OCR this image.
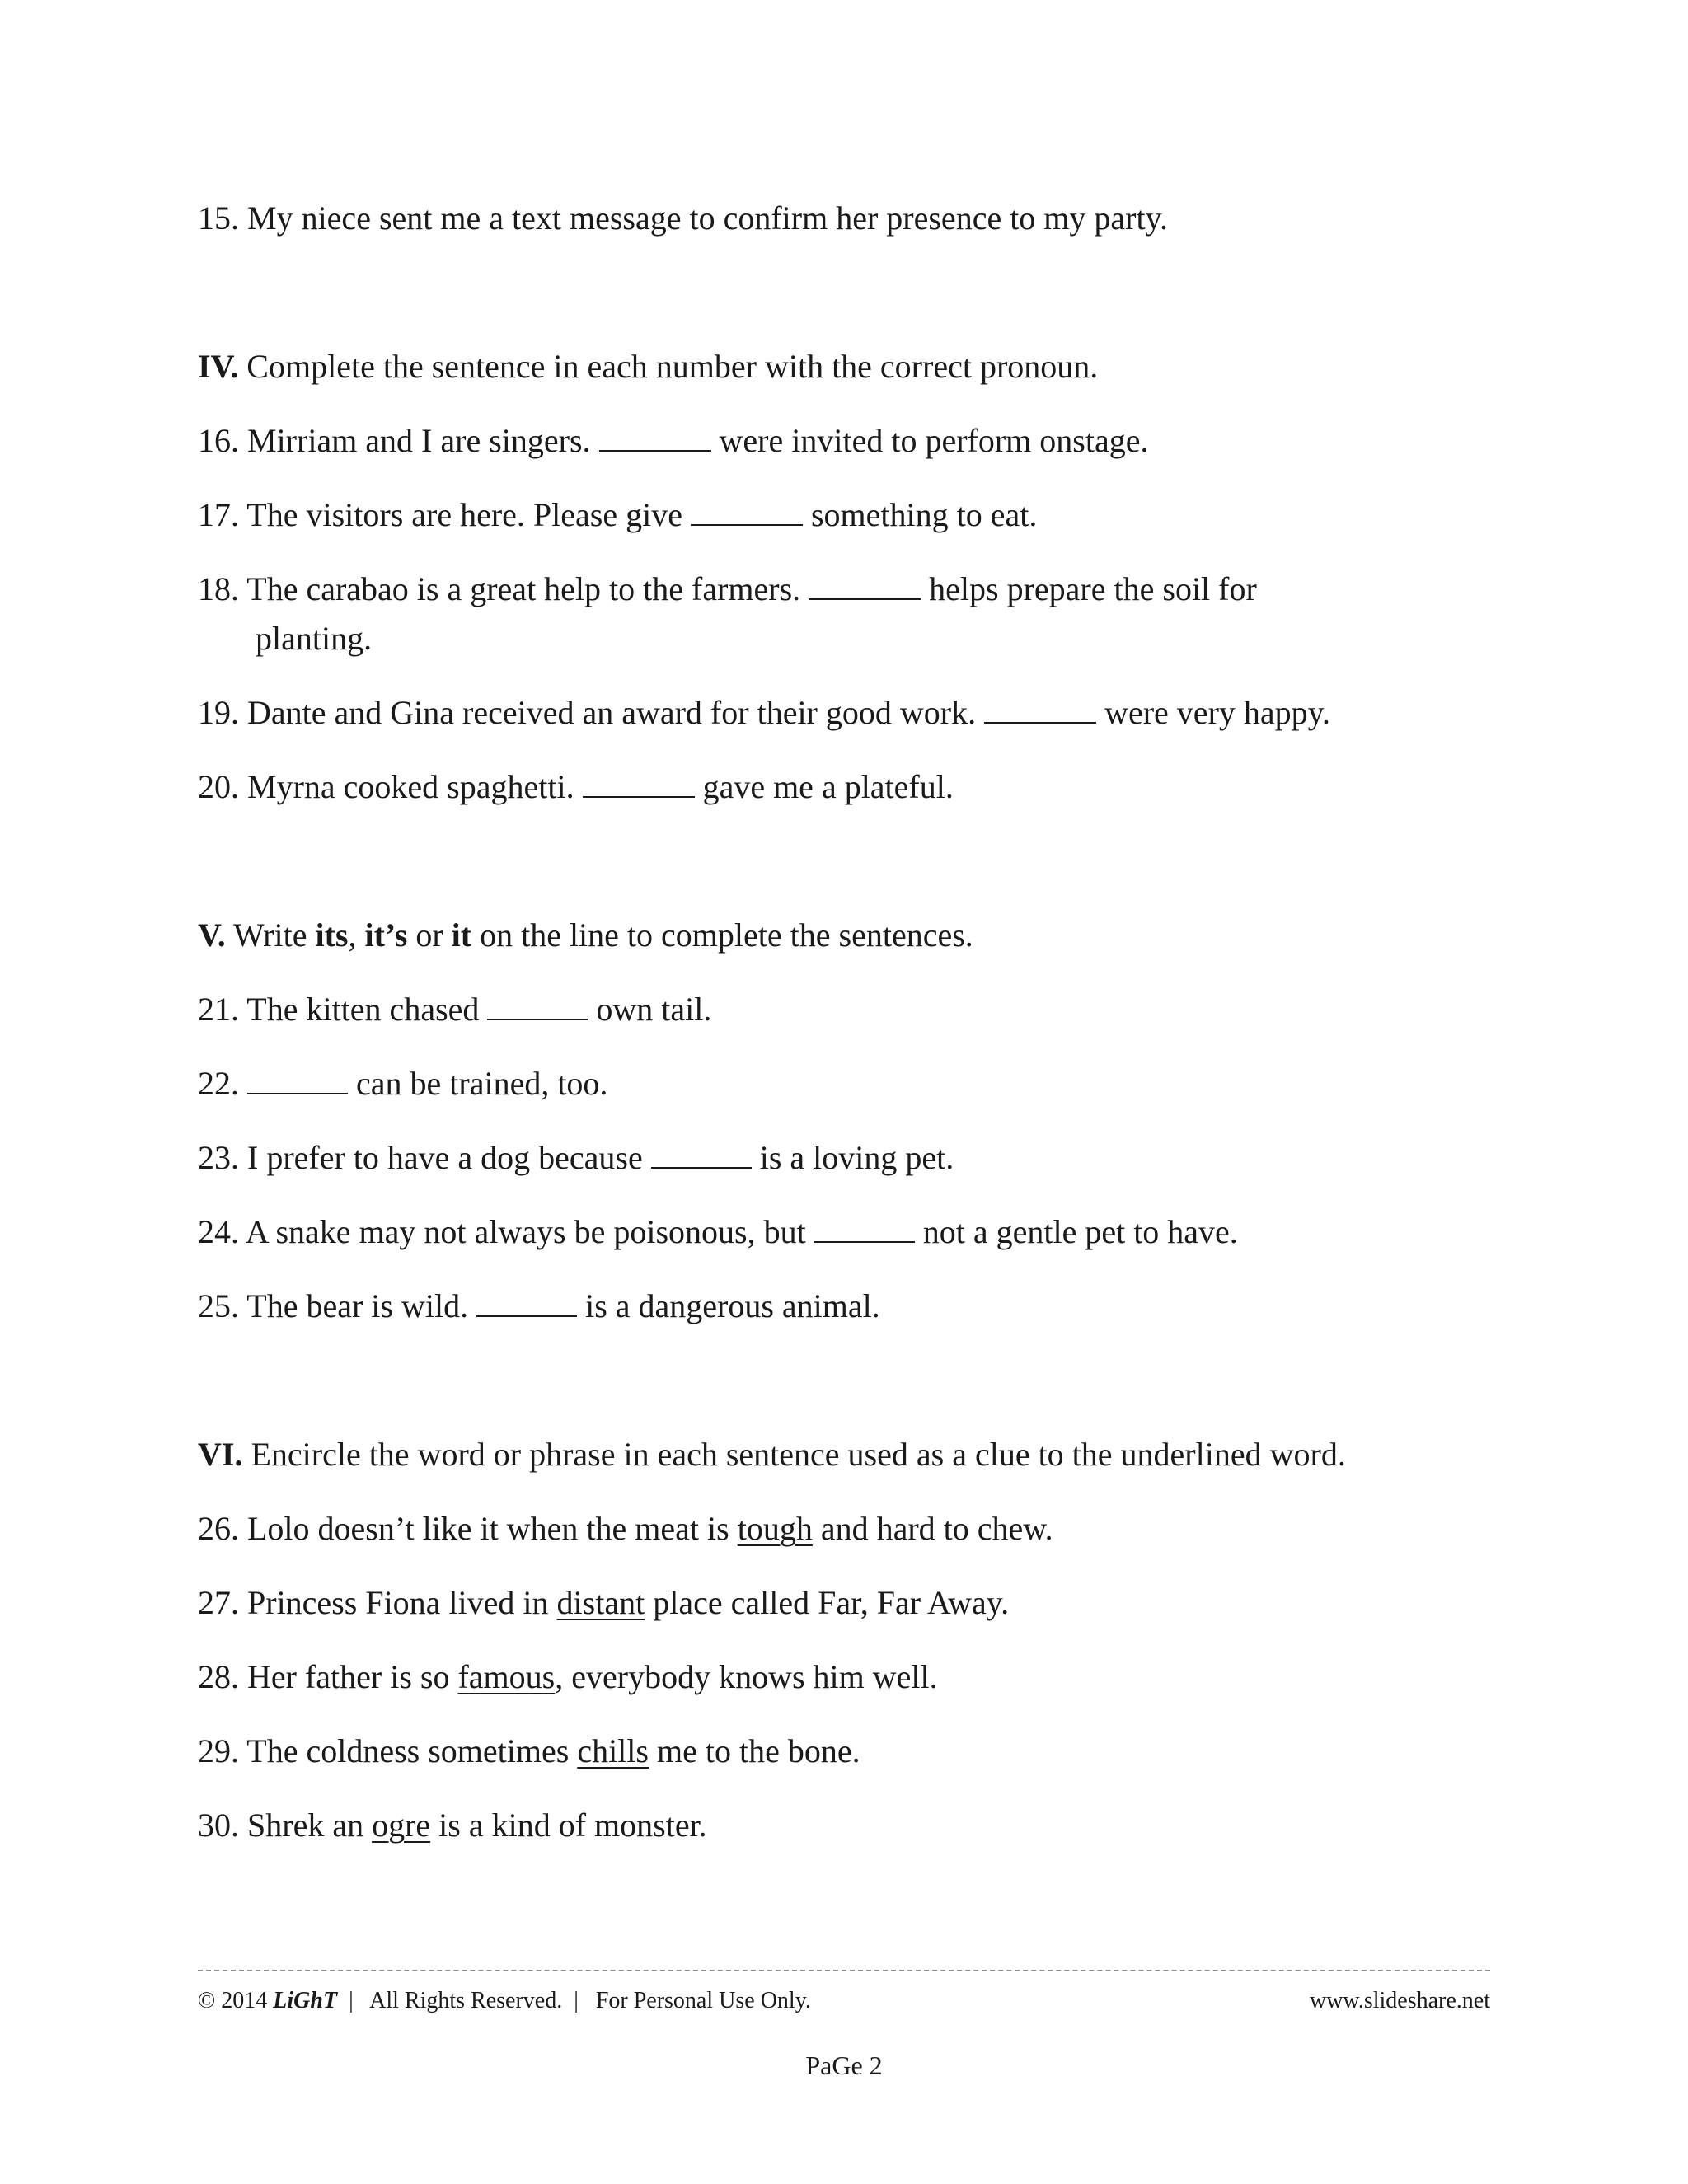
15. My niece sent me a text message to confirm her presence to my party.
IV. Complete the sentence in each number with the correct pronoun.
16. Mirriam and I are singers.	were invited to perform onstage.
17. The visitors are here. Please give	something to eat.
18. The carabao is a great help to the farmers.	helps prepare the soil for
planting.
19. Dante and Gina received an award for their good work.	were very happy.
20. Myrna cooked spaghetti.	gave me a plateful.
V. Write its, it’s or it on the line to complete the sentences.
21. The kitten chased	own tail.
22.	can be trained, too.
23. I prefer to have a dog because	is a loving pet.
24. A snake may not always be poisonous, but	not a gentle pet to have.
25. The bear is wild.	is a dangerous animal.
VI. Encircle the word or phrase in each sentence used as a clue to the underlined word.
26. Lolo doesn’t like it when the meat is tough and hard to chew.
27. Princess Fiona lived in distant place called Far, Far Away.
28. Her father is so famous, everybody knows him well.
29. The coldness sometimes chills me to the bone.
30. Shrek an ogre is a kind of monster.
© 2014 LiGhT  |   All Rights Reserved.  |   For Personal Use Only.	www.slideshare.net
PaGe 2
